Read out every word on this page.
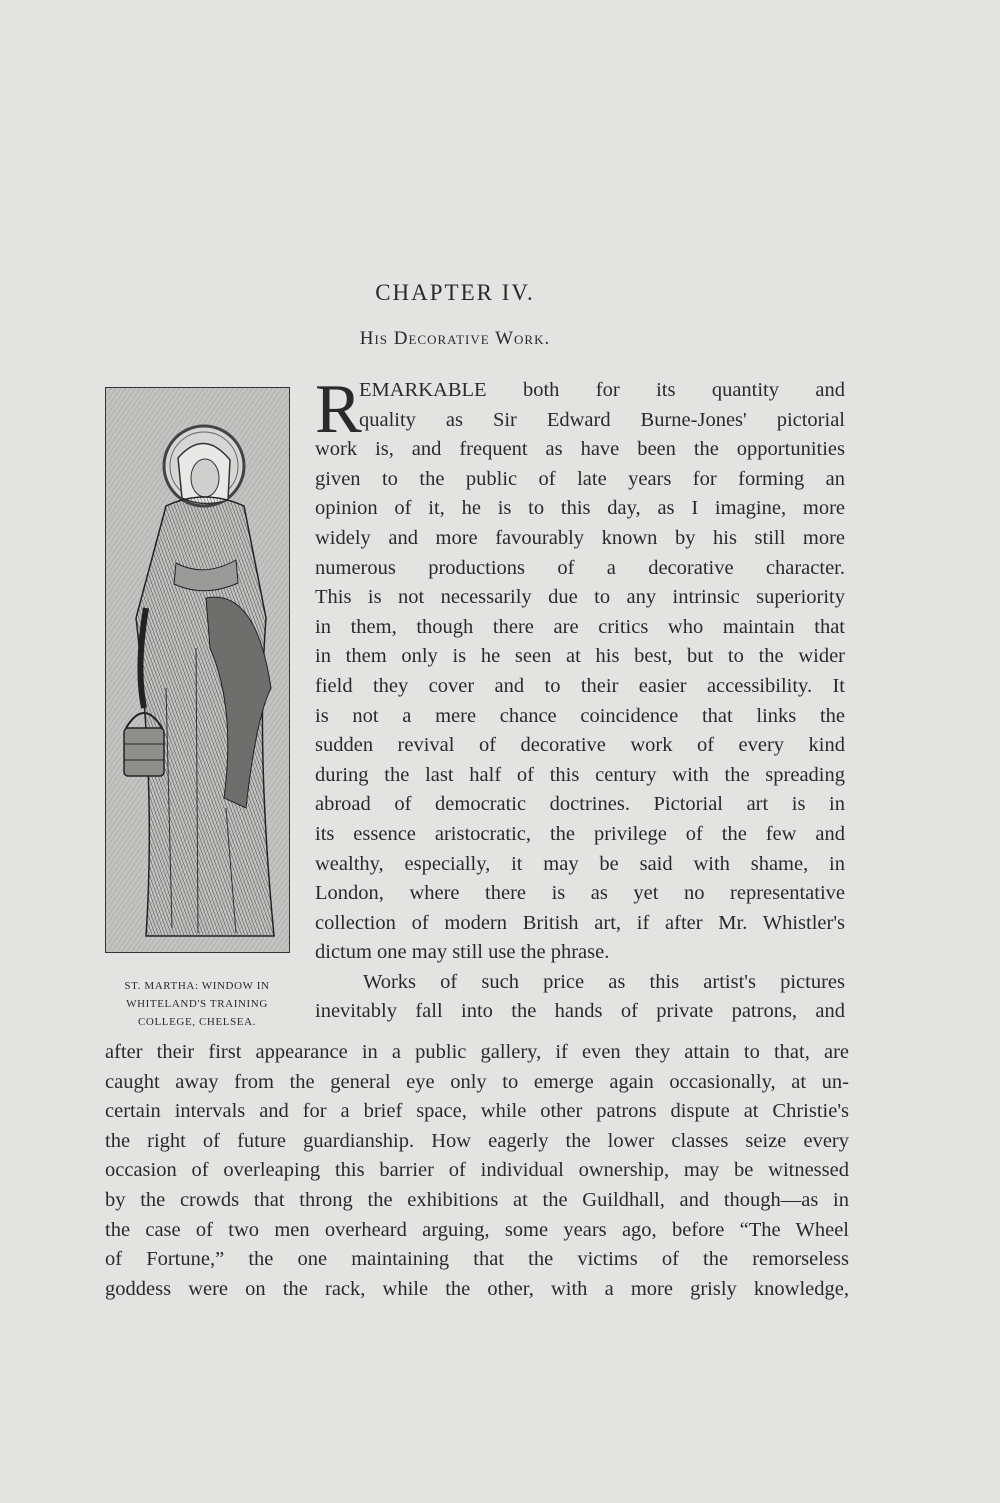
CHAPTER IV.
His Decorative Work.
ST. MARTHA: WINDOW IN
WHITELAND'S TRAINING
COLLEGE, CHELSEA.
R
EMARKABLE both for its quantity and
quality as Sir Edward Burne-Jones' pictorial
work is, and frequent as have been the opportunities
given to the public of late years for forming an
opinion of it, he is to this day, as I imagine, more
widely and more favourably known by his still more
numerous productions of a decorative character.
This is not necessarily due to any intrinsic superiority
in them, though there are critics who maintain that
in them only is he seen at his best, but to the wider
field they cover and to their easier accessibility. It
is not a mere chance coincidence that links the
sudden revival of decorative work of every kind
during the last half of this century with the spreading
abroad of democratic doctrines. Pictorial art is in
its essence aristocratic, the privilege of the few and
wealthy, especially, it may be said with shame, in
London, where there is as yet no representative
collection of modern British art, if after Mr. Whistler's
dictum one may still use the phrase.
Works of such price as this artist's pictures
inevitably fall into the hands of private patrons, and
after their first appearance in a public gallery, if even they attain to that, are
caught away from the general eye only to emerge again occasionally, at un-
certain intervals and for a brief space, while other patrons dispute at Christie's
the right of future guardianship. How eagerly the lower classes seize every
occasion of overleaping this barrier of individual ownership, may be witnessed
by the crowds that throng the exhibitions at the Guildhall, and though—as in
the case of two men overheard arguing, some years ago, before “The Wheel
of Fortune,” the one maintaining that the victims of the remorseless
goddess were on the rack, while the other, with a more grisly knowledge,
